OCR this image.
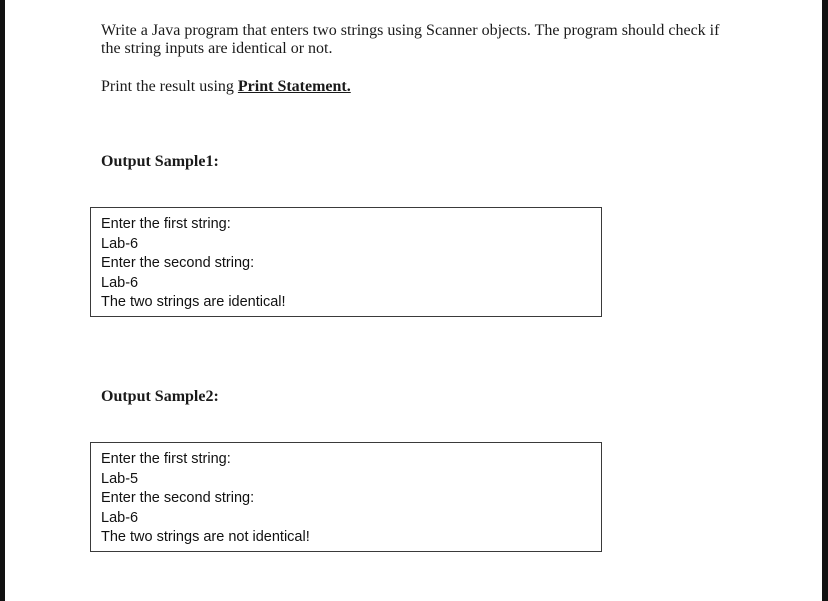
Write a Java program that enters two strings using Scanner objects. The program should check if the string inputs are identical or not.

Print the result using Print Statement.

Output Sample1:

Enter the first string:
Lab-6
Enter the second string:
Lab-6
The two strings are identical!

Output Sample2:

Enter the first string:
Lab-5
Enter the second string:
Lab-6
The two strings are not identical!
